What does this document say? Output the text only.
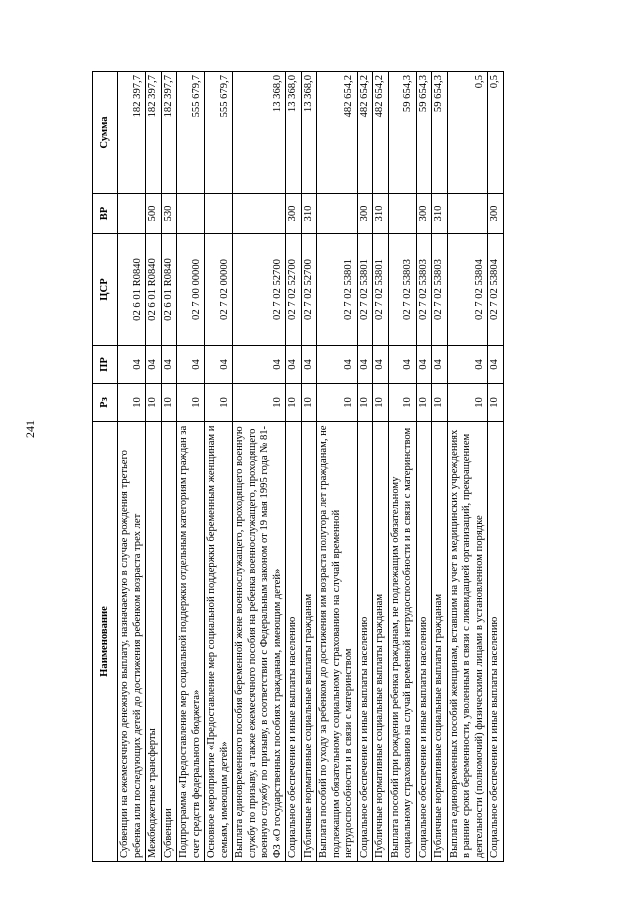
241
Наименование	Рз	ПР	ЦСР	ВР	Сумма
Субвенции на ежемесячную денежную выплату, назначаемую в случае рождения третьего ребенка или последующих детей до достижения ребенком возраста трех лет	10	04	02 6 01 R0840		182 397,7
Межбюджетные трансферты	10	04	02 6 01 R0840	500	182 397,7
Субвенции	10	04	02 6 01 R0840	530	182 397,7
Подпрограмма «Предоставление мер социальной поддержки отдельным категориям граждан за счет средств федерального бюджета»	10	04	02 7 00 00000		555 679,7
Основное мероприятие «Предоставление мер социальной поддержки беременным женщинам и семьям, имеющим детей»	10	04	02 7 02 00000		555 679,7
Выплата единовременного пособия беременной жене военнослужащего, проходящего военную службу по призыву, а также ежемесячного пособия на ребенка военнослужащего, проходящего военную службу по призыву, в соответствии с Федеральным законом от 19 мая 1995 года № 81-ФЗ «О государственных пособиях гражданам, имеющим детей»	10	04	02 7 02 52700		13 368,0
Социальное обеспечение и иные выплаты населению	10	04	02 7 02 52700	300	13 368,0
Публичные нормативные социальные выплаты гражданам	10	04	02 7 02 52700	310	13 368,0
Выплата пособий по уходу за ребенком до достижения им возраста полутора лет гражданам, не подлежащим обязательному социальному страхованию на случай временной нетрудоспособности и в связи с материнством	10	04	02 7 02 53801		482 654,2
Социальное обеспечение и иные выплаты населению	10	04	02 7 02 53801	300	482 654,2
Публичные нормативные социальные выплаты гражданам	10	04	02 7 02 53801	310	482 654,2
Выплата пособий при рождении ребенка гражданам, не подлежащим обязательному социальному страхованию на случай временной нетрудоспособности и в связи с материнством	10	04	02 7 02 53803		59 654,3
Социальное обеспечение и иные выплаты населению	10	04	02 7 02 53803	300	59 654,3
Публичные нормативные социальные выплаты гражданам	10	04	02 7 02 53803	310	59 654,3
Выплата единовременных пособий женщинам, вставшим на учет в медицинских учреждениях в ранние сроки беременности, уволенным в связи с ликвидацией организаций, прекращением деятельности (полномочий) физическими лицами в установленном порядке	10	04	02 7 02 53804		0,5
Социальное обеспечение и иные выплаты населению	10	04	02 7 02 53804	300	0,5
